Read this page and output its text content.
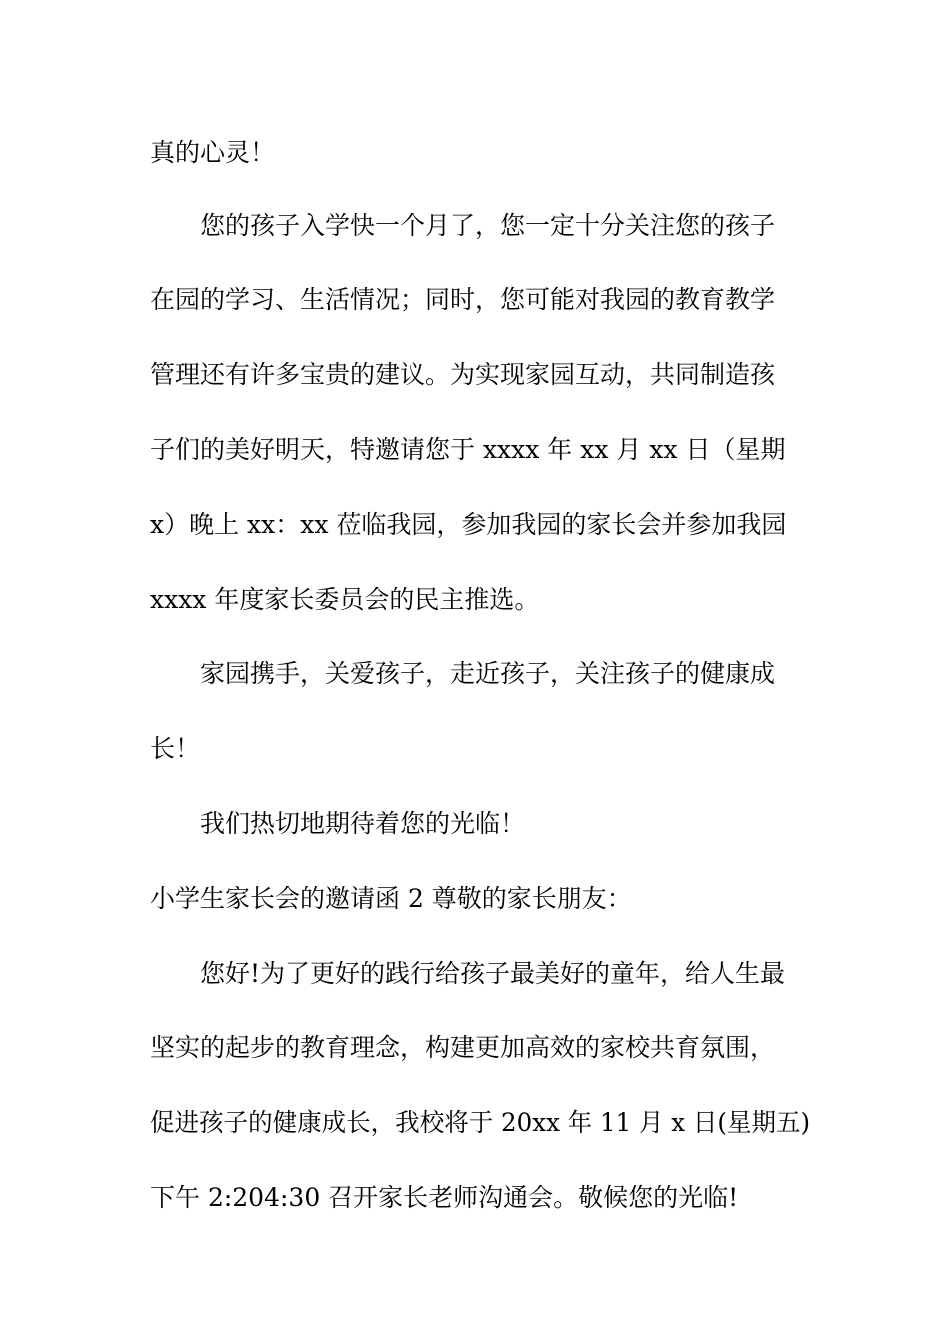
真的心灵！
您的孩子入学快一个月了，您一定十分关注您的孩子
在园的学习、生活情况；同时，您可能对我园的教育教学
管理还有许多宝贵的建议。为实现家园互动，共同制造孩
子们的美好明天，特邀请您于 xxxx 年 xx 月 xx 日（星期
x）晚上 xx：xx 莅临我园，参加我园的家长会并参加我园
xxxx 年度家长委员会的民主推选。
家园携手，关爱孩子，走近孩子，关注孩子的健康成
长！
我们热切地期待着您的光临！
小学生家长会的邀请函 2 尊敬的家长朋友：
您好!为了更好的践行给孩子最美好的童年，给人生最
坚实的起步的教育理念，构建更加高效的家校共育氛围，
促进孩子的健康成长，我校将于 20xx 年 11 月 x 日(星期五)
下午 2:204:30 召开家长老师沟通会。敬候您的光临!
